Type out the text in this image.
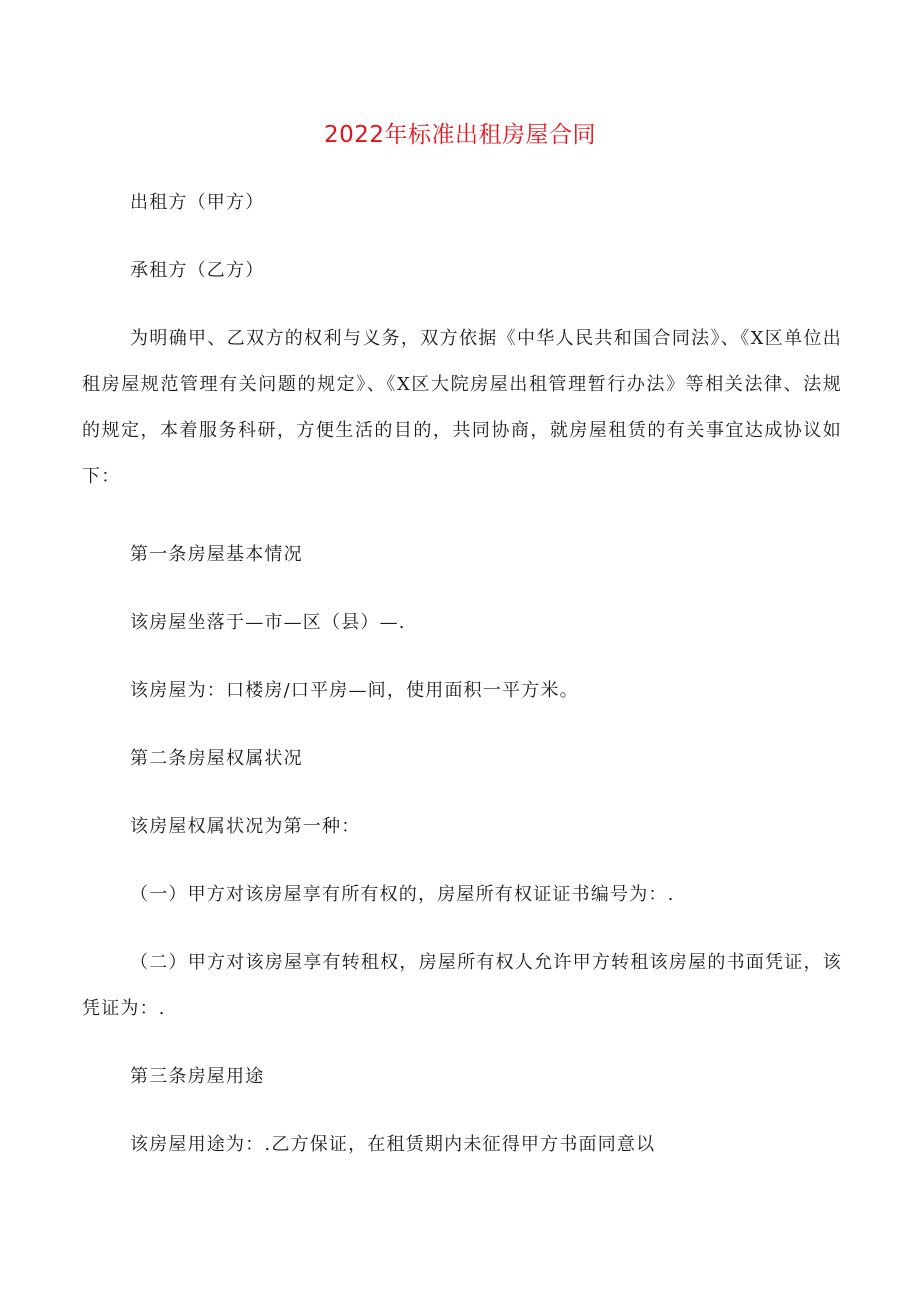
2022年标准出租房屋合同

出租方（甲方）

承租方（乙方）

为明确甲、乙双方的权利与义务，双方依据《中华人民共和国合同法》、《X区单位出租房屋规范管理有关问题的规定》、《X区大院房屋出租管理暂行办法》等相关法律、法规的规定，本着服务科研，方便生活的目的，共同协商，就房屋租赁的有关事宜达成协议如下：

第一条房屋基本情况

该房屋坐落于—市—区（县）—.

该房屋为：口楼房/口平房—间，使用面积一平方米。

第二条房屋权属状况

该房屋权属状况为第一种：

（一）甲方对该房屋享有所有权的，房屋所有权证证书编号为：.

（二）甲方对该房屋享有转租权，房屋所有权人允许甲方转租该房屋的书面凭证，该凭证为：.

第三条房屋用途

该房屋用途为：.乙方保证，在租赁期内未征得甲方书面同意以
